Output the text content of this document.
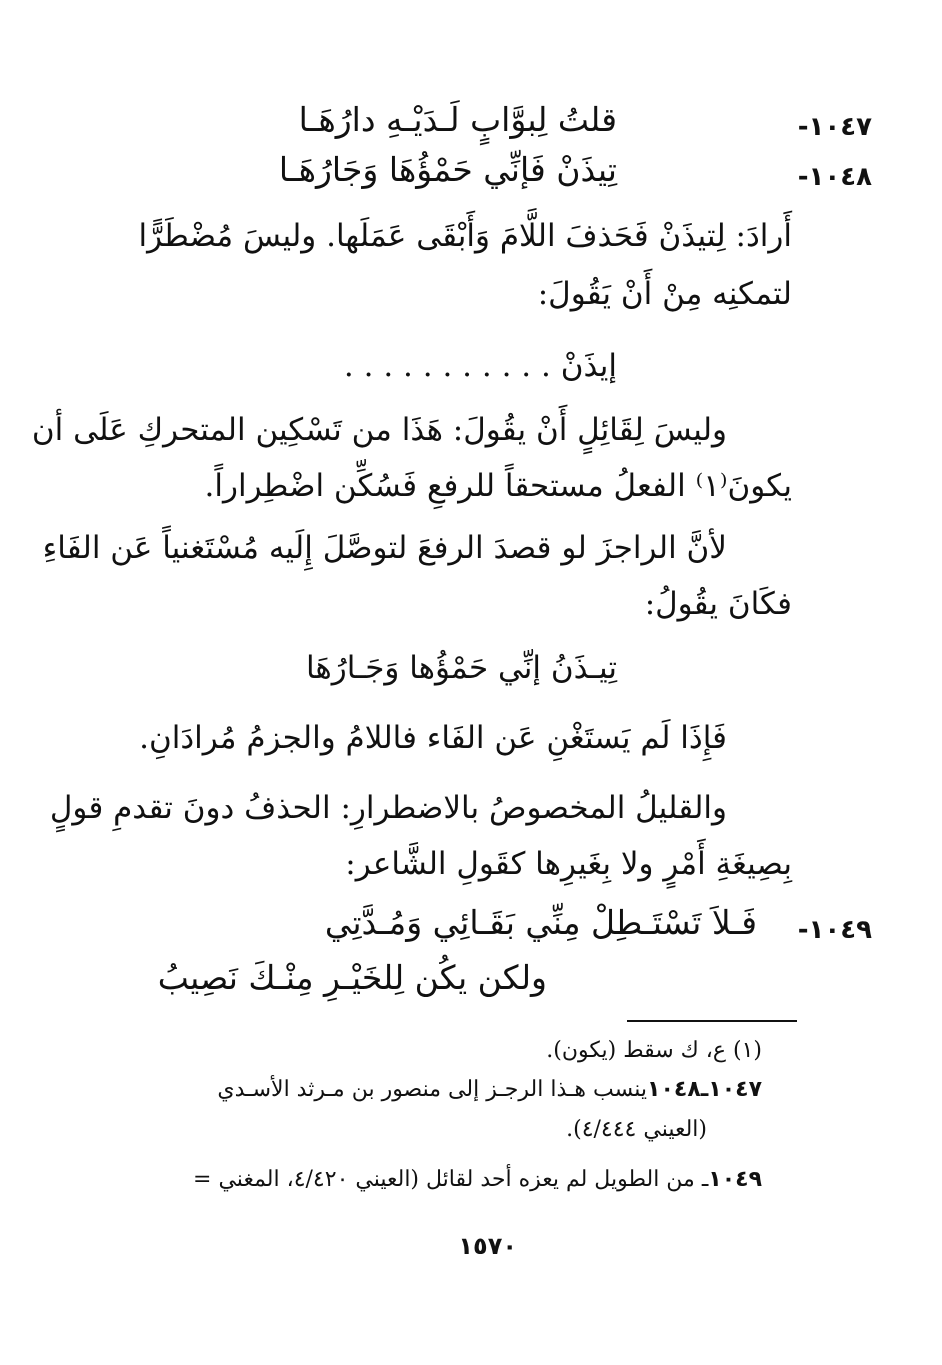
١٠٤٧-
قلتُ لِبوَّابٍ لَـدَيْـهِ دارُهَـا
١٠٤٨-
تِيذَنْ فَإنِّي حَمْؤُهَا وَجَارُهَـا
أَرادَ: لِتيذَنْ فَحَذفَ اللَّامَ وَأَبْقَى عَمَلَها. وليسَ مُضْطَرًّا
لتمكنِه مِنْ أَنْ يَقُولَ:
إيذَنْ . . . . . . . . . . .
وليسَ لِقَائِلٍ أَنْ يقُولَ: هَذَا من تَسْكِين المتحركِ عَلَى أن
يكونَ⁽١⁾ الفعلُ مستحقاً للرفعِ فَسُكِّن اضْطِراراً.
لأنَّ الراجزَ لو قصدَ الرفعَ لتوصَّلَ إِلَيه مُسْتَغنياً عَن الفَاءِ
فكَانَ يقُولُ:
تِيـذَنُ إنِّي حَمْؤُها وَجَـارُهَا
فَإِذَا لَم يَستَغْنِ عَن الفَاء فاللامُ والجزمُ مُرادَانِ.
والقليلُ المخصوصُ بالاضطرارِ: الحذفُ دونَ تقدمِ قولٍ
بِصِيغَةِ أَمْرٍ ولا بِغَيرِها كقَولِ الشَّاعر:
١٠٤٩-
فَـلاَ تَسْتَـطِلْ مِنِّي بَقَـائِي وَمُـدَّتِي
ولكن يكُن لِلخَيْـرِ مِنْـكَ نَصِيبُ
(١) ع، ك سقط (يكون).
١٠٤٧ـ١٠٤٨ينسب هـذا الرجـز إلى منصور بن مـرثد الأسـدي
(العيني ٤/٤٤٤).
١٠٤٩ـ من الطويل لم يعزه أحد لقائل (العيني ٤/٤٢٠، المغني =
١٥٧٠
